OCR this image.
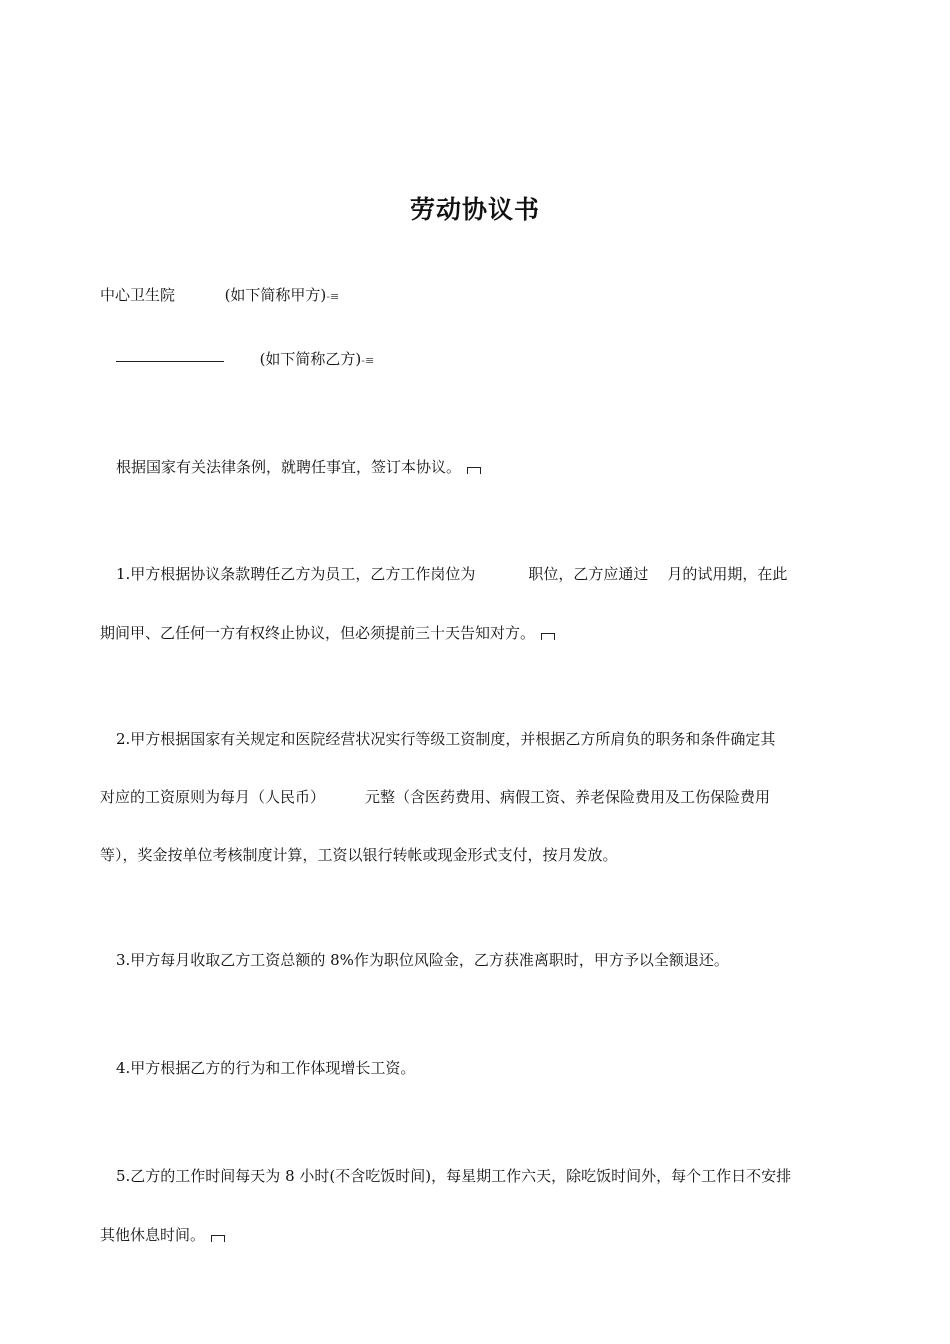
劳动协议书
中心卫生院	(如下简称甲方)-≡
(如下简称乙方)-≡
根据国家有关法律条例，就聘任事宜，签订本协议。
1.甲方根据协议条款聘任乙方为员工，乙方工作岗位为	职位，乙方应通过 月的试用期，在此
期间甲、乙任何一方有权终止协议，但必须提前三十天告知对方。
2.甲方根据国家有关规定和医院经营状况实行等级工资制度，并根据乙方所肩负的职务和条件确定其
对应的工资原则为每月（人民币）	元整（含医药费用、病假工资、养老保险费用及工伤保险费用
等），奖金按单位考核制度计算，工资以银行转帐或现金形式支付，按月发放。
3.甲方每月收取乙方工资总额的 8%作为职位风险金，乙方获准离职时，甲方予以全额退还。
4.甲方根据乙方的行为和工作体现增长工资。
5.乙方的工作时间每天为 8 小时(不含吃饭时间)，每星期工作六天，除吃饭时间外，每个工作日不安排
其他休息时间。
